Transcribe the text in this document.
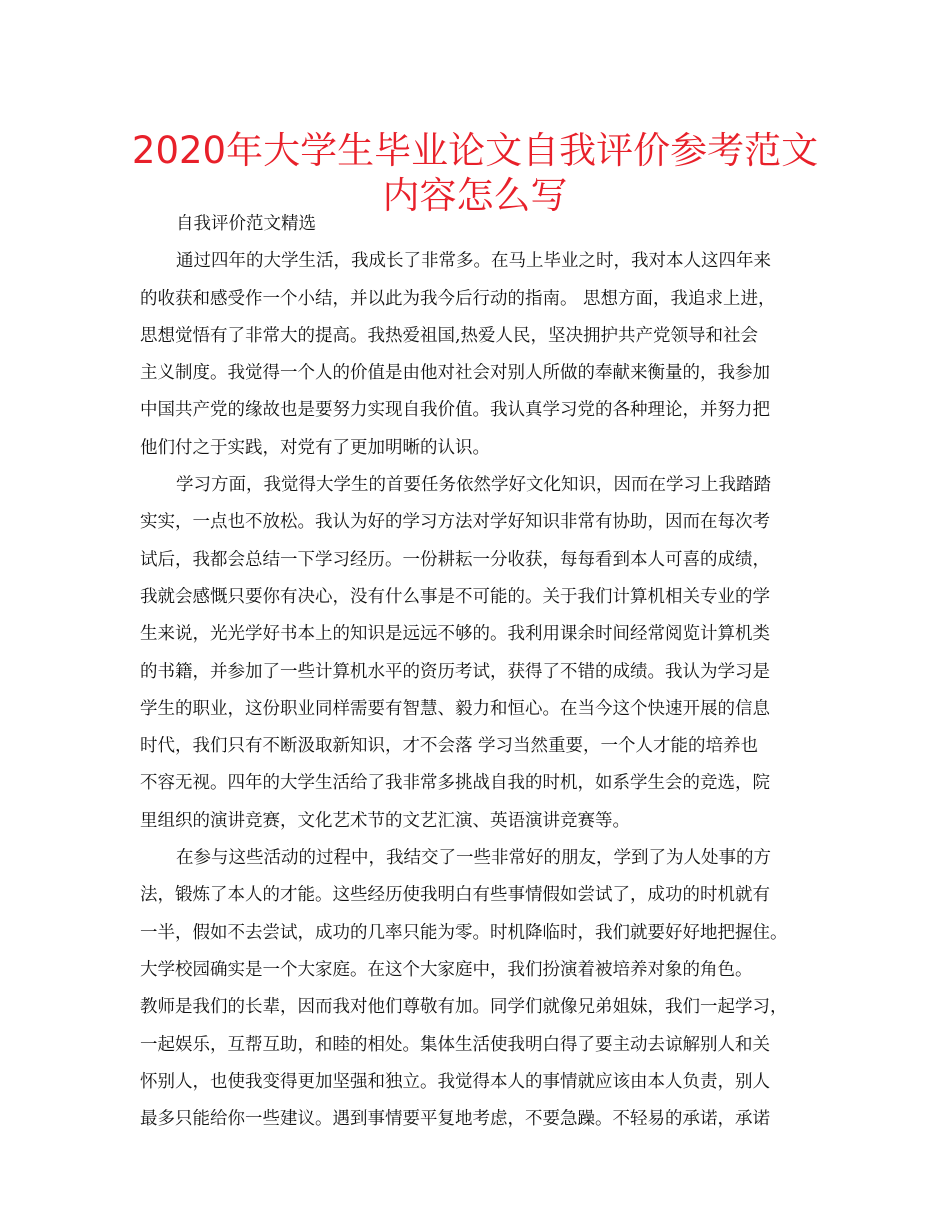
2020年大学生毕业论文自我评价参考范文
内容怎么写
自我评价范文精选
通过四年的大学生活，我成长了非常多。在马上毕业之时，我对本人这四年来
的收获和感受作一个小结，并以此为我今后行动的指南。 思想方面，我追求上进，
思想觉悟有了非常大的提高。我热爱祖国,热爱人民，坚决拥护共产党领导和社会
主义制度。我觉得一个人的价值是由他对社会对别人所做的奉献来衡量的，我参加
中国共产党的缘故也是要努力实现自我价值。我认真学习党的各种理论，并努力把
他们付之于实践，对党有了更加明晰的认识。
学习方面，我觉得大学生的首要任务依然学好文化知识，因而在学习上我踏踏
实实，一点也不放松。我认为好的学习方法对学好知识非常有协助，因而在每次考
试后，我都会总结一下学习经历。一份耕耘一分收获，每每看到本人可喜的成绩，
我就会感慨只要你有决心，没有什么事是不可能的。关于我们计算机相关专业的学
生来说，光光学好书本上的知识是远远不够的。我利用课余时间经常阅览计算机类
的书籍，并参加了一些计算机水平的资历考试，获得了不错的成绩。我认为学习是
学生的职业，这份职业同样需要有智慧、毅力和恒心。在当今这个快速开展的信息
时代，我们只有不断汲取新知识，才不会落 学习当然重要，一个人才能的培养也
不容无视。四年的大学生活给了我非常多挑战自我的时机，如系学生会的竞选，院
里组织的演讲竞赛，文化艺术节的文艺汇演、英语演讲竞赛等。
在参与这些活动的过程中，我结交了一些非常好的朋友，学到了为人处事的方
法，锻炼了本人的才能。这些经历使我明白有些事情假如尝试了，成功的时机就有
一半，假如不去尝试，成功的几率只能为零。时机降临时，我们就要好好地把握住。
大学校园确实是一个大家庭。在这个大家庭中，我们扮演着被培养对象的角色。
教师是我们的长辈，因而我对他们尊敬有加。同学们就像兄弟姐妹，我们一起学习，
一起娱乐，互帮互助，和睦的相处。集体生活使我明白得了要主动去谅解别人和关
怀别人，也使我变得更加坚强和独立。我觉得本人的事情就应该由本人负责，别人
最多只能给你一些建议。遇到事情要平复地考虑，不要急躁。不轻易的承诺，承诺
